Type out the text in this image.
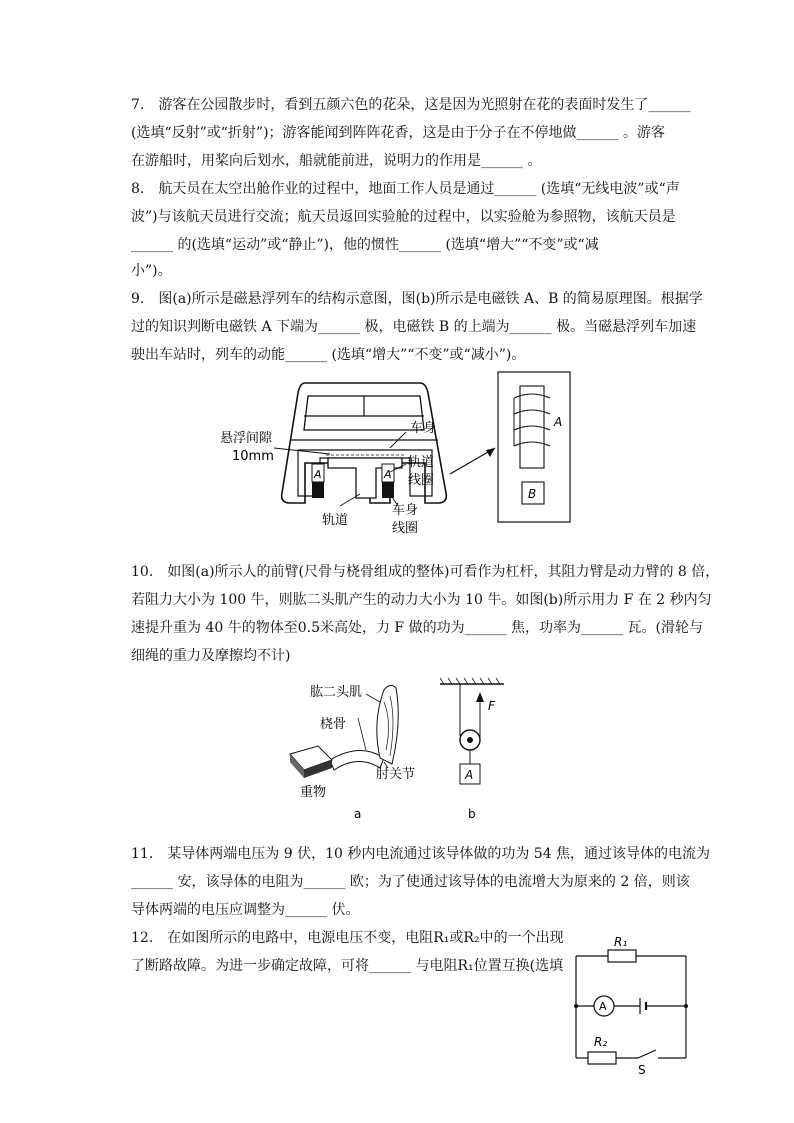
7.　游客在公园散步时，看到五颜六色的花朵，这是因为光照射在花的表面时发生了______
(选填“反射”或“折射”)；游客能闻到阵阵花香，这是由于分子在不停地做______ 。游客
在游船时，用桨向后划水，船就能前进，说明力的作用是______ 。
8.　航天员在太空出舱作业的过程中，地面工作人员是通过______ (选填“无线电波”或“声
波”)与该航天员进行交流；航天员返回实验舱的过程中，以实验舱为参照物，该航天员是
______ 的(选填“运动”或“静止”)，他的惯性______ (选填“增大”“不变”或“减
小”)。
9.　图(a)所示是磁悬浮列车的结构示意图，图(b)所示是电磁铁 A、B 的简易原理图。根据学
过的知识判断电磁铁 A 下端为______ 极，电磁铁 B 的上端为______ 极。当磁悬浮列车加速
驶出车站时，列车的动能______ (选填“增大”“不变”或“减小”)。
A	A
悬浮间隙
10mm
车身
轨道
线圈
轨道
车身
线圈
A
B
10.　如图(a)所示人的前臂(尺骨与桡骨组成的整体)可看作为杠杆，其阻力臂是动力臂的 8 倍，
若阻力大小为 100 牛，则肱二头肌产生的动力大小为 10 牛。如图(b)所示用力 F 在 2 秒内匀
速提升重为 40 牛的物体至0.5米高处，力 F 做的功为______ 焦，功率为______ 瓦。(滑轮与
细绳的重力及摩擦均不计)
肱二头肌
桡骨
肘关节
重物
a
F
A
b
11.　某导体两端电压为 9 伏，10 秒内电流通过该导体做的功为 54 焦，通过该导体的电流为
______ 安，该导体的电阻为______ 欧；为了使通过该导体的电流增大为原来的 2 倍，则该
导体两端的电压应调整为______ 伏。
12.　在如图所示的电路中，电源电压不变，电阻R₁或R₂中的一个出现
了断路故障。为进一步确定故障，可将______ 与电阻R₁位置互换(选填
R₁
A
R₂
S
